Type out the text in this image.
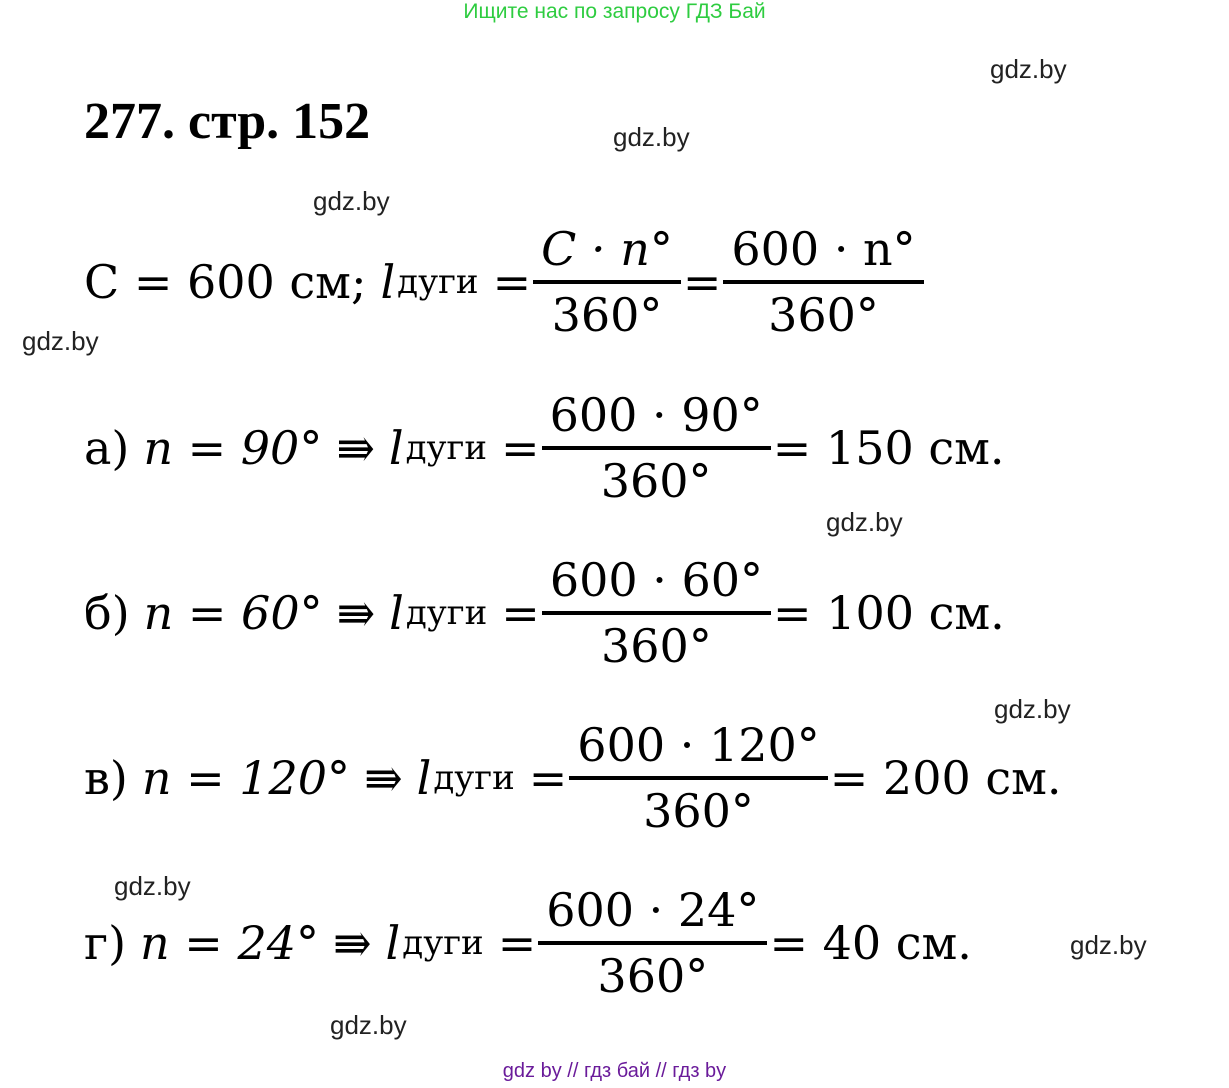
Ищите нас по запросу ГДЗ Бай
gdz.by
gdz.by
gdz.by
gdz.by
gdz.by
gdz.by
gdz.by
gdz.by
gdz.by
277. стр. 152
C = 600 см; l дуги = $\frac{C \cdot n^\circ}{360^\circ} = \frac{600 \cdot n^\circ}{360^\circ}$
а) n = 90° ⇛ l дуги = $\frac{600 \cdot 90^\circ}{360^\circ} = 150$ см.
б) n = 60° ⇛ l дуги = $\frac{600 \cdot 60^\circ}{360^\circ} = 100$ см.
в) n = 120° ⇛ l дуги = $\frac{600 \cdot 120^\circ}{360^\circ} = 200$ см.
г) n = 24° ⇛ l дуги = $\frac{600 \cdot 24^\circ}{360^\circ} = 40$ см.
gdz by // гдз бай // гдз by
